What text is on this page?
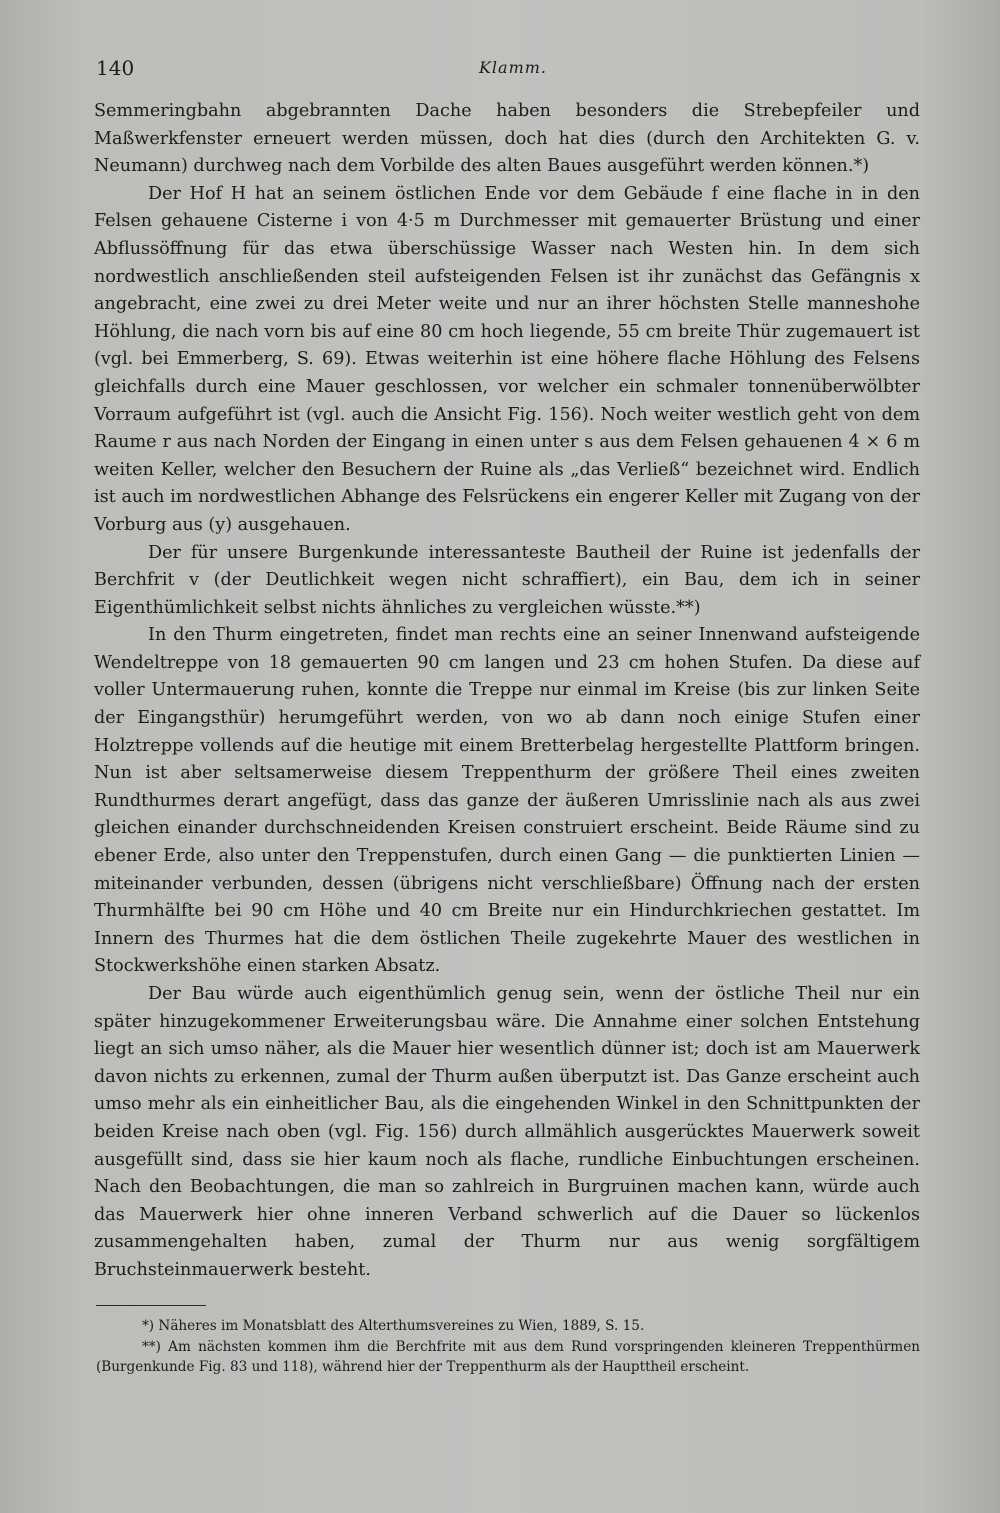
140	Klamm.

Semmeringbahn abgebrannten Dache haben besonders die Strebepfeiler und Maßwerkfenster erneuert werden müssen, doch hat dies (durch den Architekten G. v. Neumann) durchweg nach dem Vorbilde des alten Baues ausgeführt werden können.*)

Der Hof H hat an seinem östlichen Ende vor dem Gebäude f eine flache in in den Felsen gehauene Cisterne i von 4·5 m Durchmesser mit gemauerter Brüstung und einer Abflussöffnung für das etwa überschüssige Wasser nach Westen hin. In dem sich nordwestlich anschließenden steil aufsteigenden Felsen ist ihr zunächst das Gefängnis x angebracht, eine zwei zu drei Meter weite und nur an ihrer höchsten Stelle manneshohe Höhlung, die nach vorn bis auf eine 80 cm hoch liegende, 55 cm breite Thür zugemauert ist (vgl. bei Emmerberg, S. 69). Etwas weiterhin ist eine höhere flache Höhlung des Felsens gleichfalls durch eine Mauer geschlossen, vor welcher ein schmaler tonnenüberwölbter Vorraum aufgeführt ist (vgl. auch die Ansicht Fig. 156). Noch weiter westlich geht von dem Raume r aus nach Norden der Eingang in einen unter s aus dem Felsen gehauenen 4 × 6 m weiten Keller, welcher den Besuchern der Ruine als „das Verließ“ bezeichnet wird. Endlich ist auch im nordwestlichen Abhange des Felsrückens ein engerer Keller mit Zugang von der Vorburg aus (y) ausgehauen.

Der für unsere Burgenkunde interessanteste Bautheil der Ruine ist jedenfalls der Berchfrit v (der Deutlichkeit wegen nicht schraffiert), ein Bau, dem ich in seiner Eigenthümlichkeit selbst nichts ähnliches zu vergleichen wüsste.**)

In den Thurm eingetreten, findet man rechts eine an seiner Innenwand aufsteigende Wendeltreppe von 18 gemauerten 90 cm langen und 23 cm hohen Stufen. Da diese auf voller Untermauerung ruhen, konnte die Treppe nur einmal im Kreise (bis zur linken Seite der Eingangsthür) herumgeführt werden, von wo ab dann noch einige Stufen einer Holztreppe vollends auf die heutige mit einem Bretterbelag hergestellte Plattform bringen. Nun ist aber seltsamerweise diesem Treppenthurm der größere Theil eines zweiten Rundthurmes derart angefügt, dass das ganze der äußeren Umrisslinie nach als aus zwei gleichen einander durchschneidenden Kreisen construiert erscheint. Beide Räume sind zu ebener Erde, also unter den Treppenstufen, durch einen Gang — die punktierten Linien — miteinander verbunden, dessen (übrigens nicht verschließbare) Öffnung nach der ersten Thurmhälfte bei 90 cm Höhe und 40 cm Breite nur ein Hindurchkriechen gestattet. Im Innern des Thurmes hat die dem östlichen Theile zugekehrte Mauer des westlichen in Stockwerkshöhe einen starken Absatz.

Der Bau würde auch eigenthümlich genug sein, wenn der östliche Theil nur ein später hinzugekommener Erweiterungsbau wäre. Die Annahme einer solchen Entstehung liegt an sich umso näher, als die Mauer hier wesentlich dünner ist; doch ist am Mauerwerk davon nichts zu erkennen, zumal der Thurm außen überputzt ist. Das Ganze erscheint auch umso mehr als ein einheitlicher Bau, als die eingehenden Winkel in den Schnittpunkten der beiden Kreise nach oben (vgl. Fig. 156) durch allmählich ausgerücktes Mauerwerk soweit ausgefüllt sind, dass sie hier kaum noch als flache, rundliche Einbuchtungen erscheinen. Nach den Beobachtungen, die man so zahlreich in Burgruinen machen kann, würde auch das Mauerwerk hier ohne inneren Verband schwerlich auf die Dauer so lückenlos zusammengehalten haben, zumal der Thurm nur aus wenig sorgfältigem Bruchsteinmauerwerk besteht.

*) Näheres im Monatsblatt des Alterthumsvereines zu Wien, 1889, S. 15.

**) Am nächsten kommen ihm die Berchfrite mit aus dem Rund vorspringenden kleineren Treppenthürmen (Burgenkunde Fig. 83 und 118), während hier der Treppenthurm als der Haupttheil erscheint.
